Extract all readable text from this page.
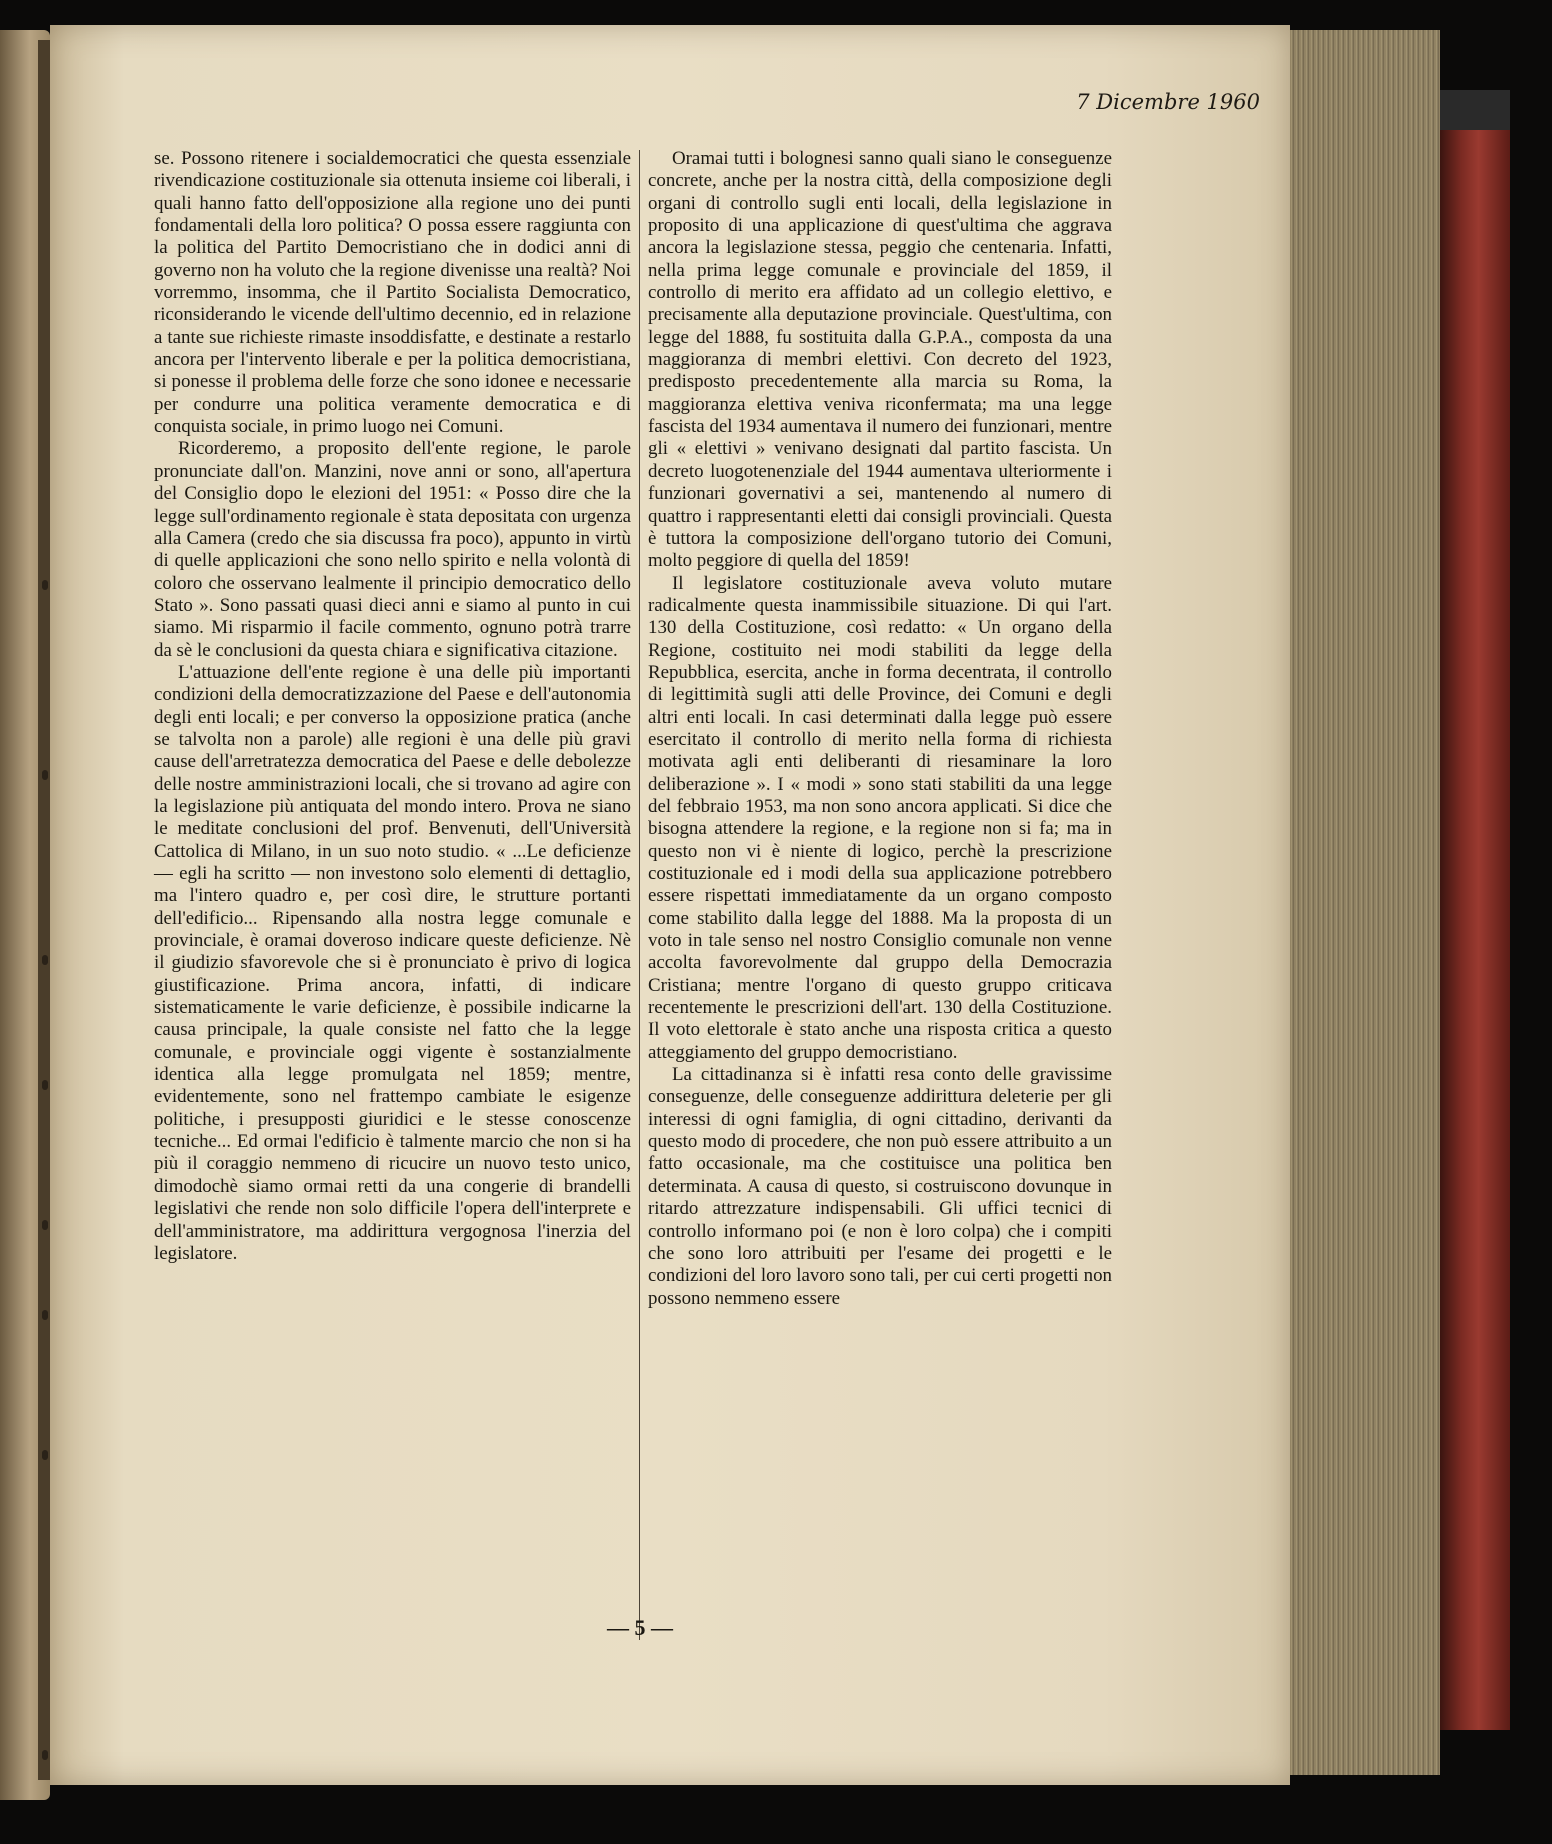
7 Dicembre 1960

se. Possono ritenere i socialdemocratici che questa essenziale rivendicazione costituzionale sia ottenuta insieme coi liberali, i quali hanno fatto dell'opposizione alla regione uno dei punti fondamentali della loro politica? O possa essere raggiunta con la politica del Partito Democristiano che in dodici anni di governo non ha voluto che la regione divenisse una realtà? Noi vorremmo, insomma, che il Partito Socialista Democratico, riconsiderando le vicende dell'ultimo decennio, ed in relazione a tante sue richieste rimaste insoddisfatte, e destinate a restarlo ancora per l'intervento liberale e per la politica democristiana, si ponesse il problema delle forze che sono idonee e necessarie per condurre una politica veramente democratica e di conquista sociale, in primo luogo nei Comuni.

Ricorderemo, a proposito dell'ente regione, le parole pronunciate dall'on. Manzini, nove anni or sono, all'apertura del Consiglio dopo le elezioni del 1951: « Posso dire che la legge sull'ordinamento regionale è stata depositata con urgenza alla Camera (credo che sia discussa fra poco), appunto in virtù di quelle applicazioni che sono nello spirito e nella volontà di coloro che osservano lealmente il principio democratico dello Stato ». Sono passati quasi dieci anni e siamo al punto in cui siamo. Mi risparmio il facile commento, ognuno potrà trarre da sè le conclusioni da questa chiara e significativa citazione.

L'attuazione dell'ente regione è una delle più importanti condizioni della democratizzazione del Paese e dell'autonomia degli enti locali; e per converso la opposizione pratica (anche se talvolta non a parole) alle regioni è una delle più gravi cause dell'arretratezza democratica del Paese e delle debolezze delle nostre amministrazioni locali, che si trovano ad agire con la legislazione più antiquata del mondo intero. Prova ne siano le meditate conclusioni del prof. Benvenuti, dell'Università Cattolica di Milano, in un suo noto studio. « ...Le deficienze — egli ha scritto — non investono solo elementi di dettaglio, ma l'intero quadro e, per così dire, le strutture portanti dell'edificio... Ripensando alla nostra legge comunale e provinciale, è oramai doveroso indicare queste deficienze. Nè il giudizio sfavorevole che si è pronunciato è privo di logica giustificazione. Prima ancora, infatti, di indicare sistematicamente le varie deficienze, è possibile indicarne la causa principale, la quale consiste nel fatto che la legge comunale, e provinciale oggi vigente è sostanzialmente identica alla legge promulgata nel 1859; mentre, evidentemente, sono nel frattempo cambiate le esigenze politiche, i presupposti giuridici e le stesse conoscenze tecniche... Ed ormai l'edificio è talmente marcio che non si ha più il coraggio nemmeno di ricucire un nuovo testo unico, dimodochè siamo ormai retti da una congerie di brandelli legislativi che rende non solo difficile l'opera dell'interprete e dell'amministratore, ma addirittura vergognosa l'inerzia del legislatore.

Oramai tutti i bolognesi sanno quali siano le conseguenze concrete, anche per la nostra città, della composizione degli organi di controllo sugli enti locali, della legislazione in proposito di una applicazione di quest'ultima che aggrava ancora la legislazione stessa, peggio che centenaria. Infatti, nella prima legge comunale e provinciale del 1859, il controllo di merito era affidato ad un collegio elettivo, e precisamente alla deputazione provinciale. Quest'ultima, con legge del 1888, fu sostituita dalla G.P.A., composta da una maggioranza di membri elettivi. Con decreto del 1923, predisposto precedentemente alla marcia su Roma, la maggioranza elettiva veniva riconfermata; ma una legge fascista del 1934 aumentava il numero dei funzionari, mentre gli « elettivi » venivano designati dal partito fascista. Un decreto luogotenenziale del 1944 aumentava ulteriormente i funzionari governativi a sei, mantenendo al numero di quattro i rappresentanti eletti dai consigli provinciali. Questa è tuttora la composizione dell'organo tutorio dei Comuni, molto peggiore di quella del 1859!

Il legislatore costituzionale aveva voluto mutare radicalmente questa inammissibile situazione. Di qui l'art. 130 della Costituzione, così redatto: « Un organo della Regione, costituito nei modi stabiliti da legge della Repubblica, esercita, anche in forma decentrata, il controllo di legittimità sugli atti delle Province, dei Comuni e degli altri enti locali. In casi determinati dalla legge può essere esercitato il controllo di merito nella forma di richiesta motivata agli enti deliberanti di riesaminare la loro deliberazione ». I « modi » sono stati stabiliti da una legge del febbraio 1953, ma non sono ancora applicati. Si dice che bisogna attendere la regione, e la regione non si fa; ma in questo non vi è niente di logico, perchè la prescrizione costituzionale ed i modi della sua applicazione potrebbero essere rispettati immediatamente da un organo composto come stabilito dalla legge del 1888. Ma la proposta di un voto in tale senso nel nostro Consiglio comunale non venne accolta favorevolmente dal gruppo della Democrazia Cristiana; mentre l'organo di questo gruppo criticava recentemente le prescrizioni dell'art. 130 della Costituzione. Il voto elettorale è stato anche una risposta critica a questo atteggiamento del gruppo democristiano.

La cittadinanza si è infatti resa conto delle gravissime conseguenze, delle conseguenze addirittura deleterie per gli interessi di ogni famiglia, di ogni cittadino, derivanti da questo modo di procedere, che non può essere attribuito a un fatto occasionale, ma che costituisce una politica ben determinata. A causa di questo, si costruiscono dovunque in ritardo attrezzature indispensabili. Gli uffici tecnici di controllo informano poi (e non è loro colpa) che i compiti che sono loro attribuiti per l'esame dei progetti e le condizioni del loro lavoro sono tali, per cui certi progetti non possono nemmeno essere

— 5 —
